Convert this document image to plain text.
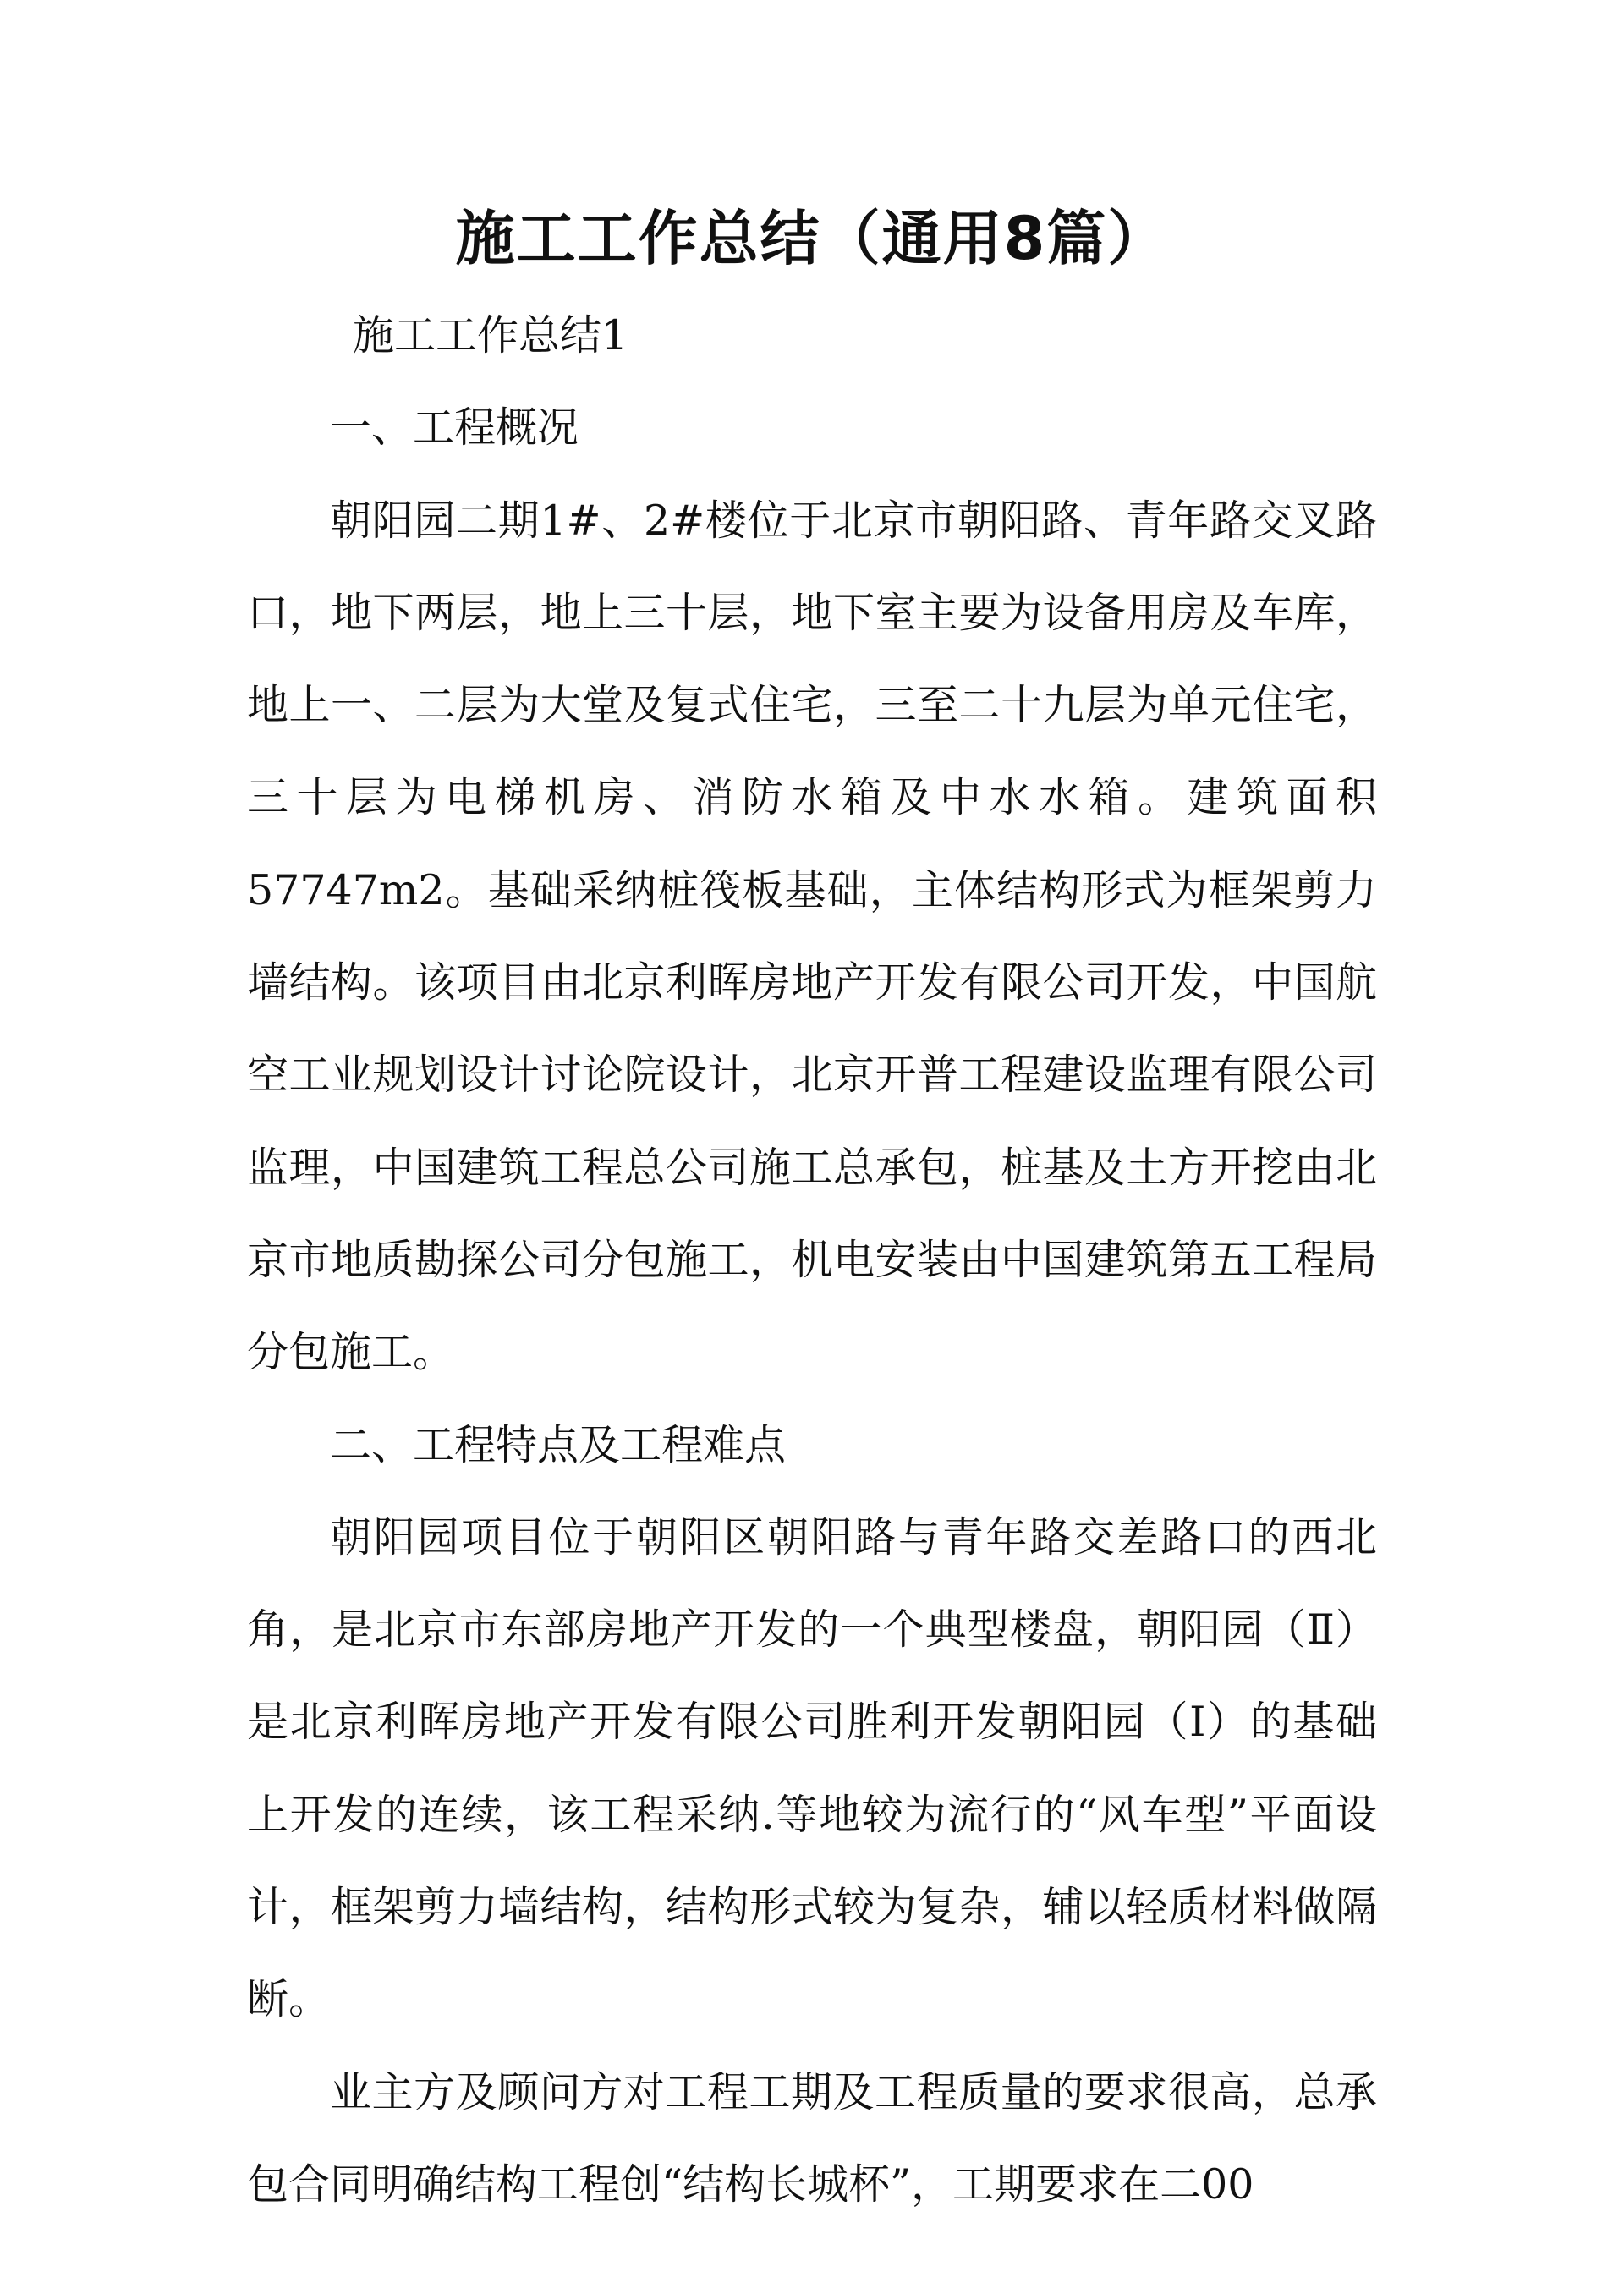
施工工作总结（通用8篇）

施工工作总结1

一、工程概况

朝阳园二期1#、2#楼位于北京市朝阳路、青年路交叉路口，地下两层，地上三十层，地下室主要为设备用房及车库，地上一、二层为大堂及复式住宅，三至二十九层为单元住宅，三十层为电梯机房、消防水箱及中水水箱。建筑面积57747m2。基础采纳桩筏板基础，主体结构形式为框架剪力墙结构。该项目由北京利晖房地产开发有限公司开发，中国航空工业规划设计讨论院设计，北京开普工程建设监理有限公司监理，中国建筑工程总公司施工总承包，桩基及土方开挖由北京市地质勘探公司分包施工，机电安装由中国建筑第五工程局分包施工。

二、工程特点及工程难点

朝阳园项目位于朝阳区朝阳路与青年路交差路口的西北角，是北京市东部房地产开发的一个典型楼盘，朝阳园（Ⅱ）是北京利晖房地产开发有限公司胜利开发朝阳园（Ⅰ）的基础上开发的连续，该工程采纳.等地较为流行的“风车型”平面设计，框架剪力墙结构，结构形式较为复杂，辅以轻质材料做隔断。

业主方及顾问方对工程工期及工程质量的要求很高，总承包合同明确结构工程创“结构长城杯”，工期要求在二00
